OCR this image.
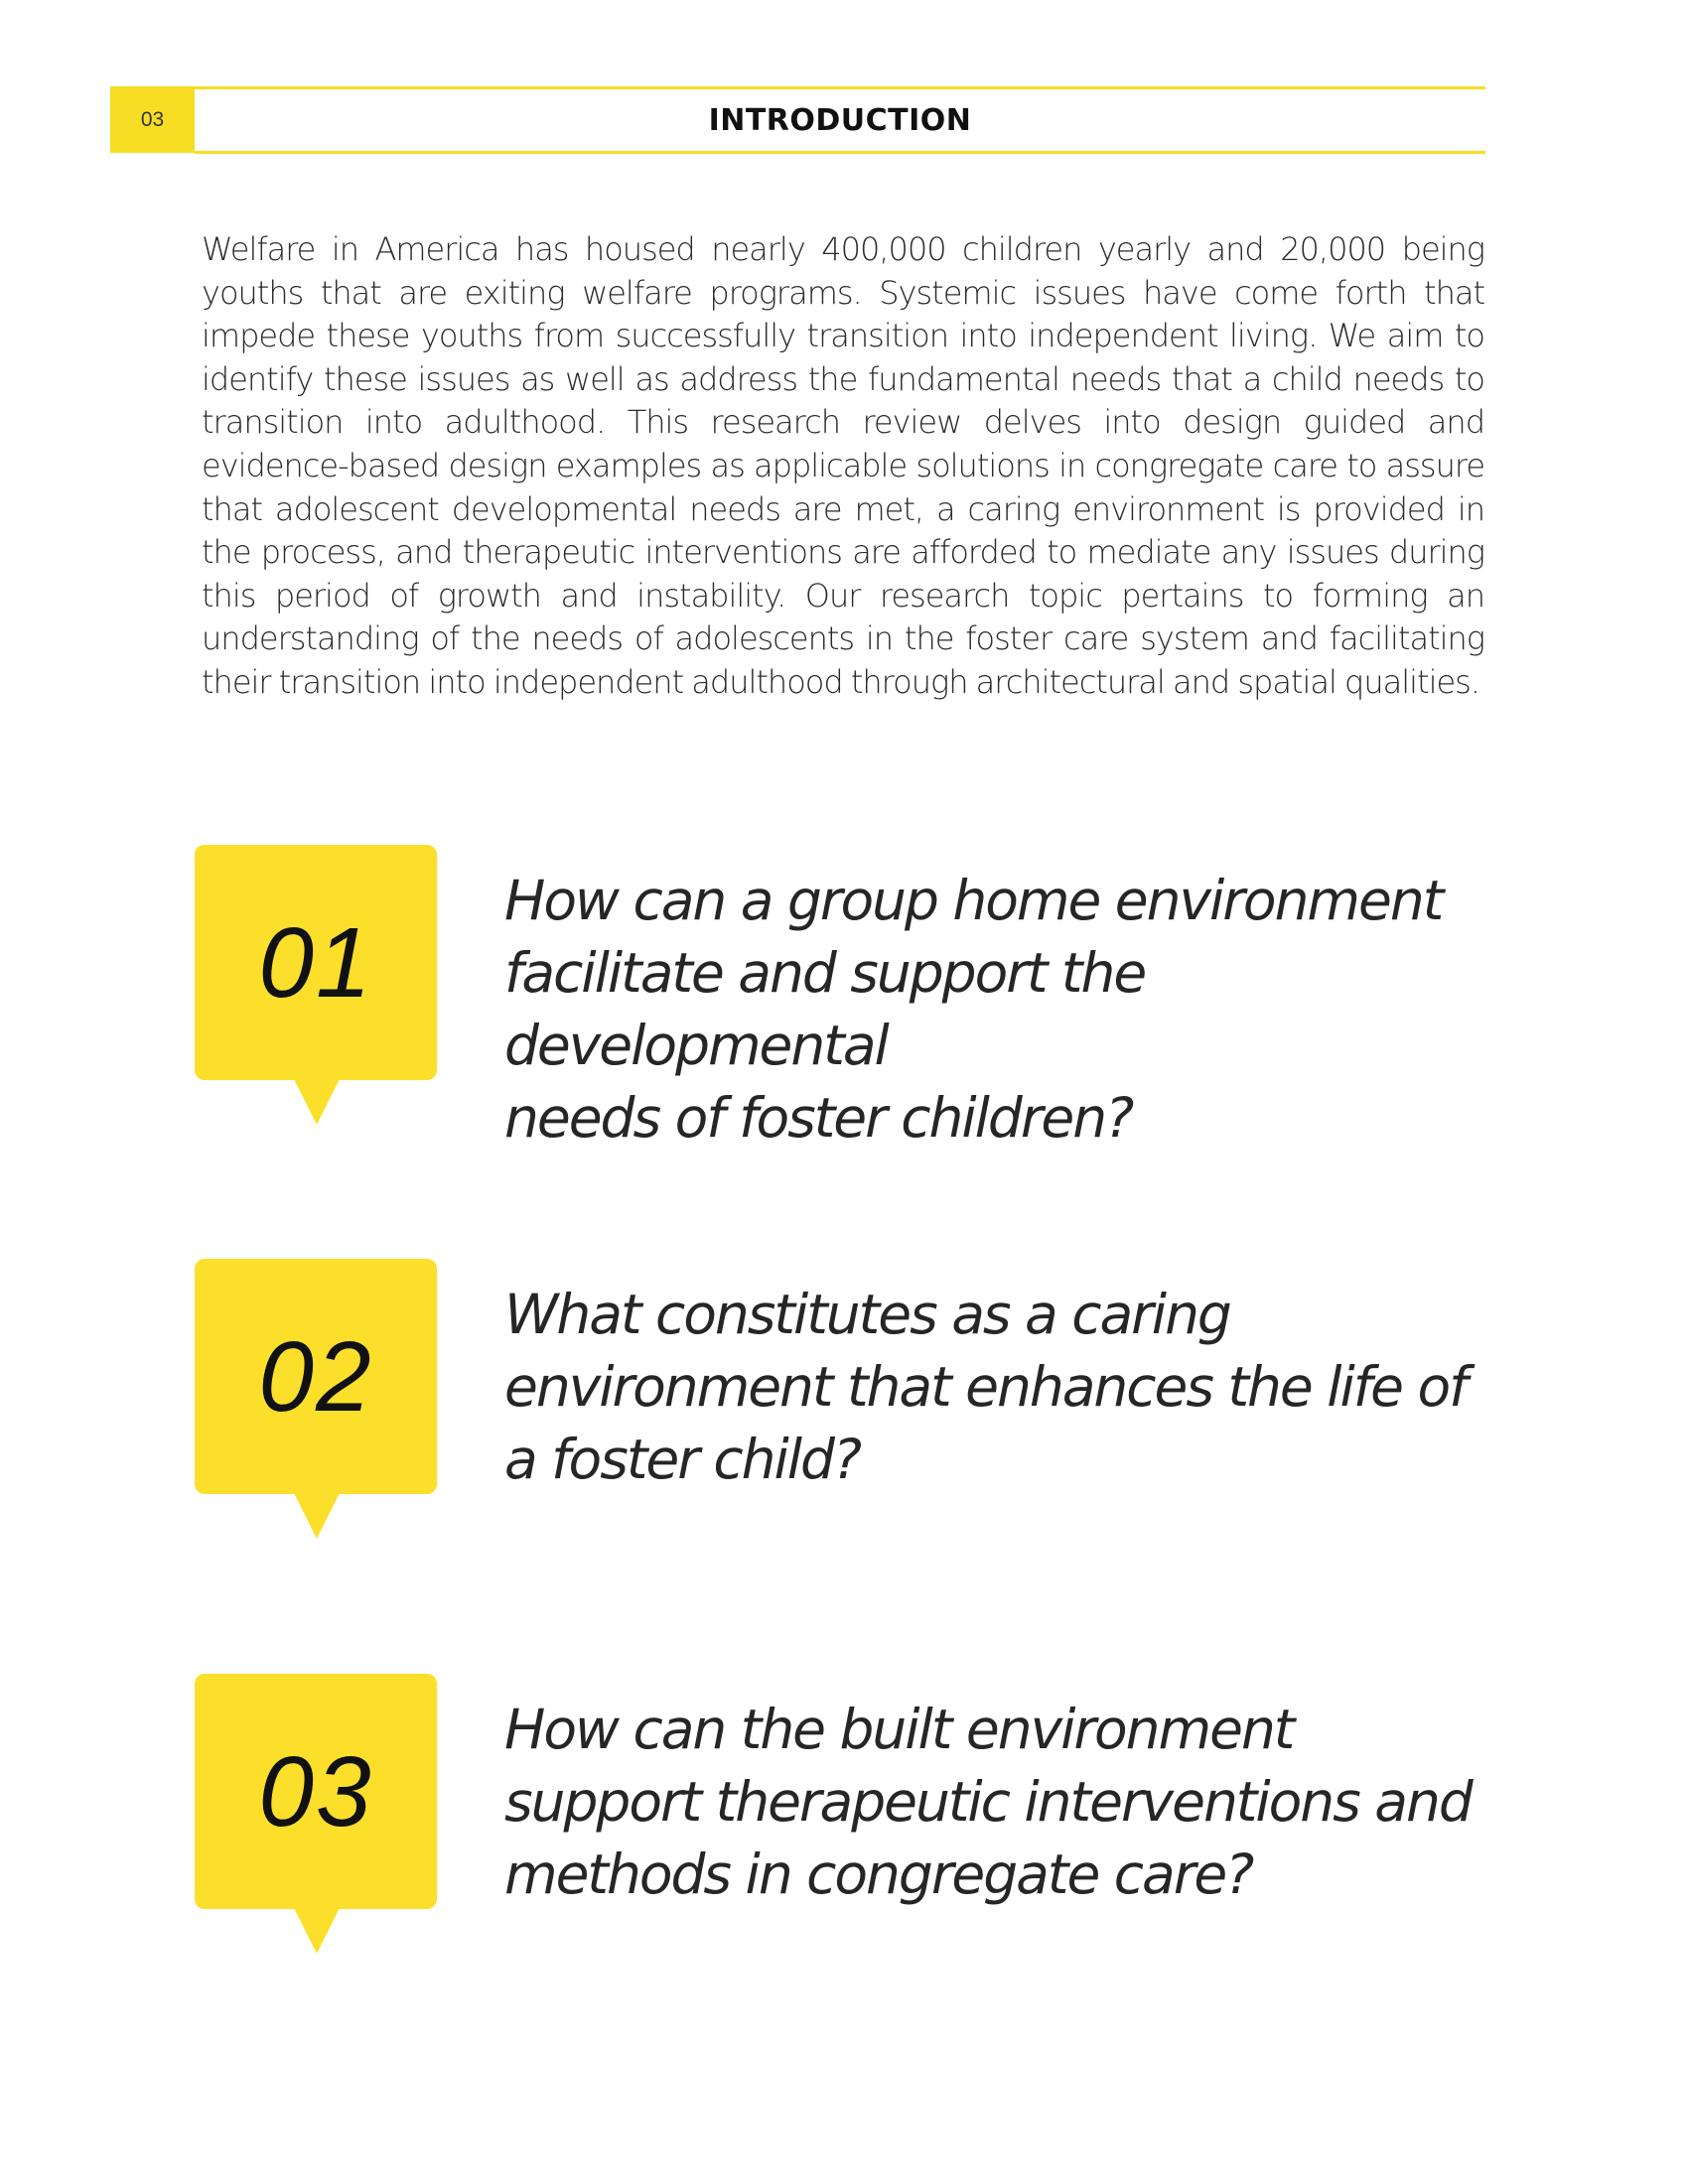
03	INTRODUCTION

Welfare in America has housed nearly 400,000 children yearly and 20,000 being youths that are exiting welfare programs. Systemic issues have come forth that impede these youths from successfully transition into independent living. We aim to identify these issues as well as address the fundamental needs that a child needs to transition into adulthood. This research review delves into design guided and evidence-based design examples as applicable solutions in congregate care to assure that adolescent developmental needs are met, a caring environment is provided in the process, and therapeutic interventions are afforded to mediate any issues during this period of growth and instability. Our research topic pertains to forming an understanding of the needs of adolescents in the foster care system and facilitating their transition into independent adulthood through architectural and spatial qualities.

01
How can a group home environment
facilitate and support the developmental
needs of foster children?
02
What constitutes as a caring
environment that enhances the life of
a foster child?
03
How can the built environment
support therapeutic interventions and
methods in congregate care?
